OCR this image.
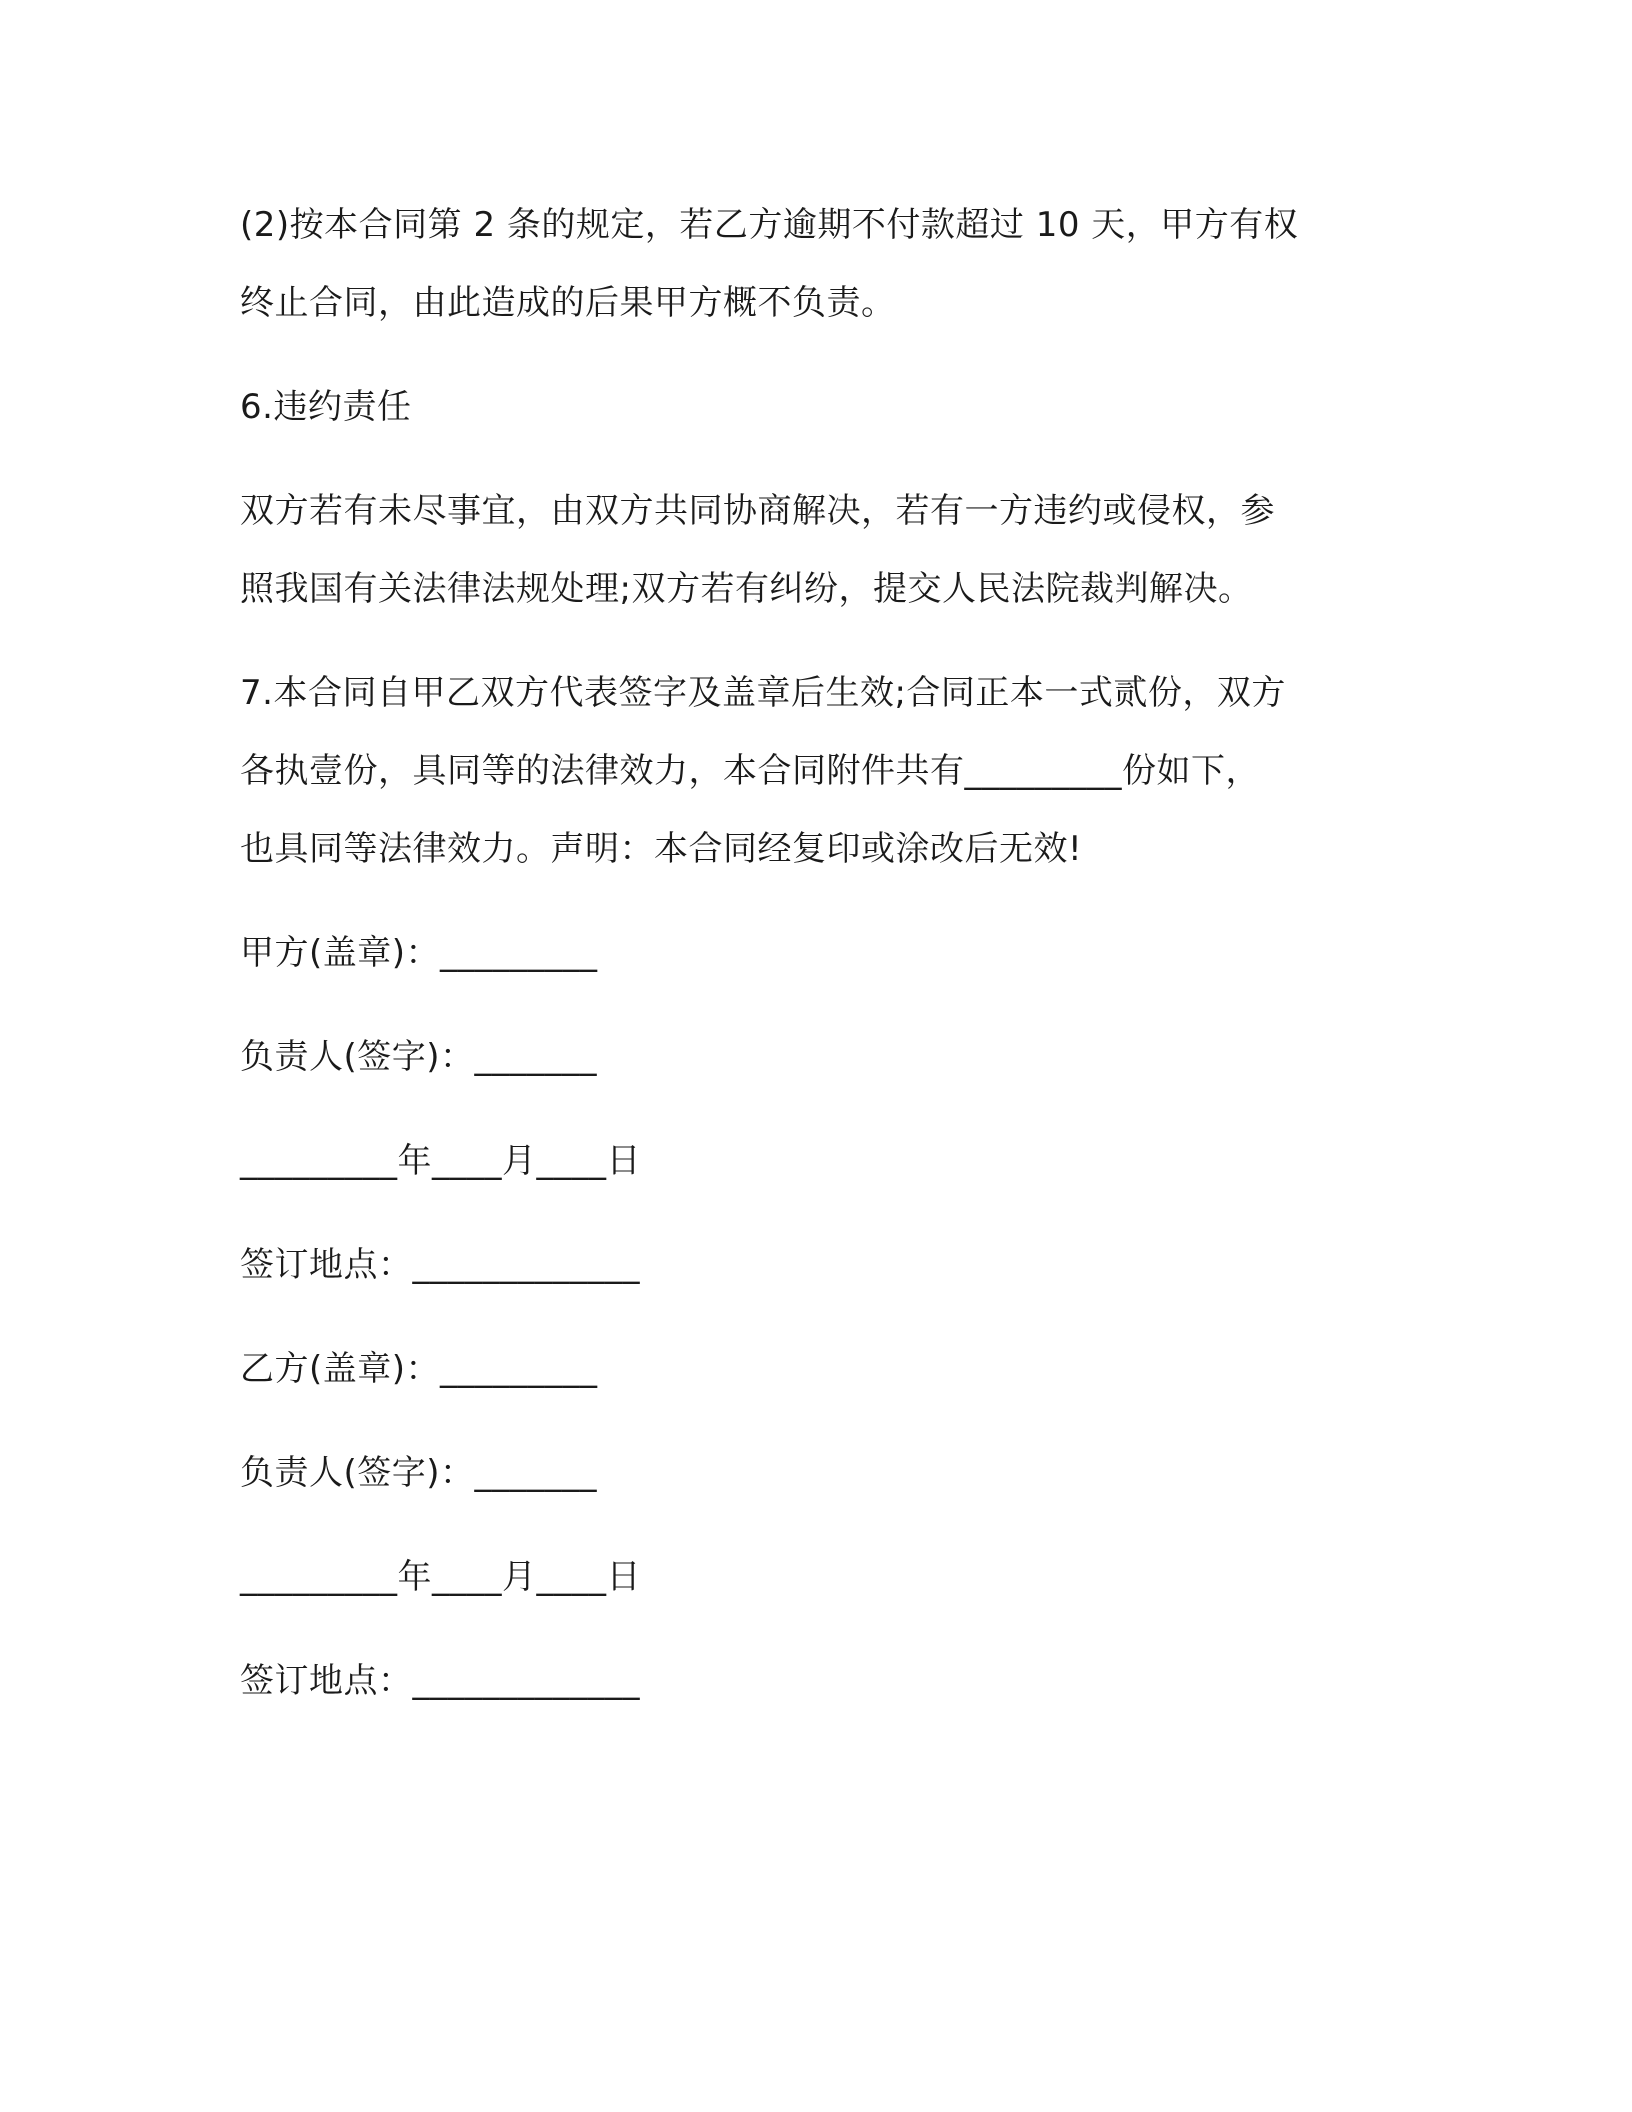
(2)按本合同第 2 条的规定，若乙方逾期不付款超过 10 天，甲方有权
终止合同，由此造成的后果甲方概不负责。

6.违约责任

双方若有未尽事宜，由双方共同协商解决，若有一方违约或侵权，参
照我国有关法律法规处理;双方若有纠纷，提交人民法院裁判解决。

7.本合同自甲乙双方代表签字及盖章后生效;合同正本一式贰份，双方
各执壹份，具同等的法律效力，本合同附件共有_________份如下，
也具同等法律效力。声明：本合同经复印或涂改后无效!

甲方(盖章)：_________
负责人(签字)：_______
_________年____月____日
签订地点：_____________
乙方(盖章)：_________
负责人(签字)：_______
_________年____月____日
签订地点：_____________
